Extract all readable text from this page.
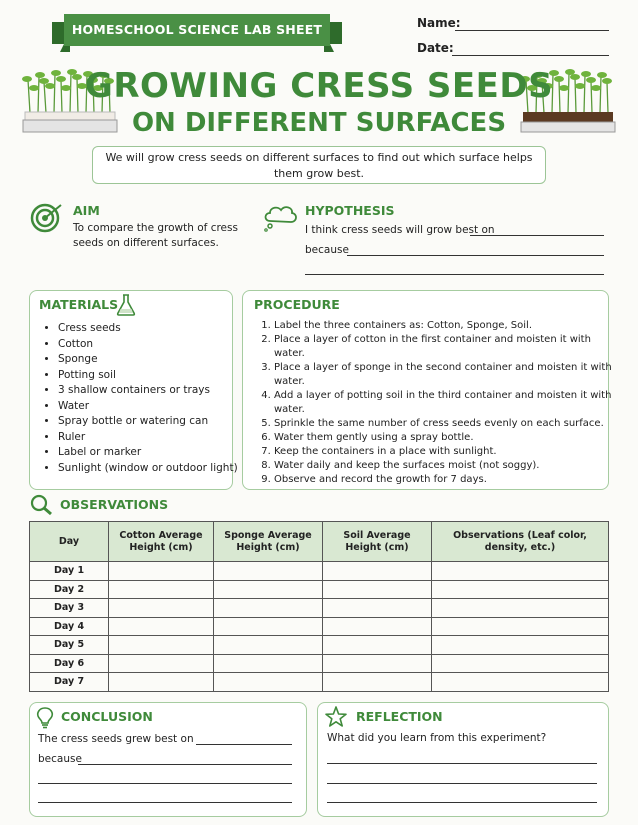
HOMESCHOOL SCIENCE LAB SHEET	Name:
Date:
GROWING CRESS SEEDS
ON DIFFERENT SURFACES
We will grow cress seeds on different surfaces to find out which surface helps them grow best.
AIM
To compare the growth of cress seeds on different surfaces.
HYPOTHESIS
I think cress seeds will grow best on
because
MATERIALS
• Cress seeds
• Cotton
• Sponge
• Potting soil
• 3 shallow containers or trays
• Water
• Spray bottle or watering can
• Ruler
• Label or marker
• Sunlight (window or outdoor light)
PROCEDURE
1. Label the three containers as: Cotton, Sponge, Soil.
2. Place a layer of cotton in the first container and moisten it with water.
3. Place a layer of sponge in the second container and moisten it with water.
4. Add a layer of potting soil in the third container and moisten it with water.
5. Sprinkle the same number of cress seeds evenly on each surface.
6. Water them gently using a spray bottle.
7. Keep the containers in a place with sunlight.
8. Water daily and keep the surfaces moist (not soggy).
9. Observe and record the growth for 7 days.
OBSERVATIONS
Day	Cotton Average Height (cm)	Sponge Average Height (cm)	Soil Average Height (cm)	Observations (Leaf color, density, etc.)
Day 1				
Day 2				
Day 3				
Day 4				
Day 5				
Day 6				
Day 7				
CONCLUSION
The cress seeds grew best on
because
REFLECTION
What did you learn from this experiment?
